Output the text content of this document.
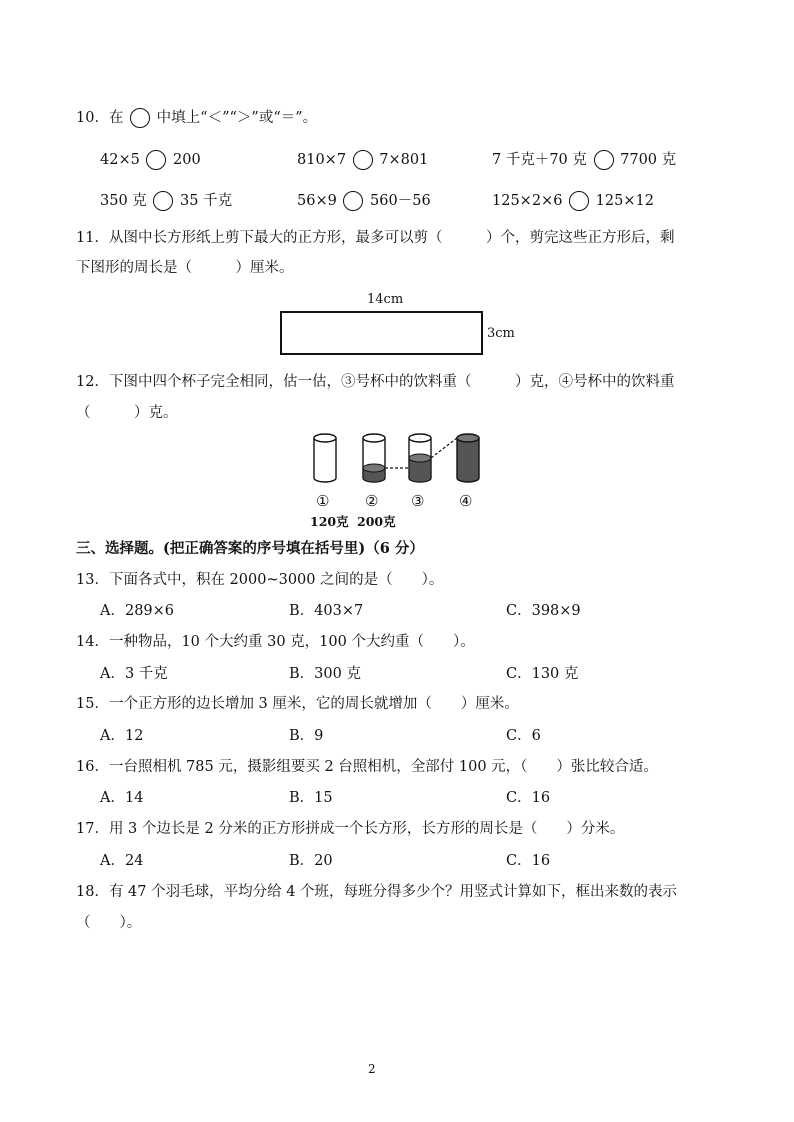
10．在 中填上“＜”“＞”或“＝”。
42×5 200	810×7 7×801	7 千克＋70 克 7700 克
350 克 35 千克	56×9 560－56	125×2×6 125×12
11．从图中长方形纸上剪下最大的正方形，最多可以剪（　　　）个，剪完这些正方形后，剩
下图形的周长是（　　　）厘米。
14cm
3cm
12．下图中四个杯子完全相同，估一估，③号杯中的饮料重（　　　）克，④号杯中的饮料重
（　　　）克。
① ② ③ ④
120克 200克
三、选择题。(把正确答案的序号填在括号里)（6 分）
13．下面各式中，积在 2000~3000 之间的是（　　）。
A．289×6	B．403×7	C．398×9
14．一种物品，10 个大约重 30 克，100 个大约重（　　）。
A．3 千克	B．300 克	C．130 克
15．一个正方形的边长增加 3 厘米，它的周长就增加（　　）厘米。
A．12	B．9	C．6
16．一台照相机 785 元，摄影组要买 2 台照相机，全部付 100 元，（　　）张比较合适。
A．14	B．15	C．16
17．用 3 个边长是 2 分米的正方形拼成一个长方形，长方形的周长是（　　）分米。
A．24	B．20	C．16
18．有 47 个羽毛球，平均分给 4 个班，每班分得多少个？用竖式计算如下，框出来数的表示
（　　）。
2
